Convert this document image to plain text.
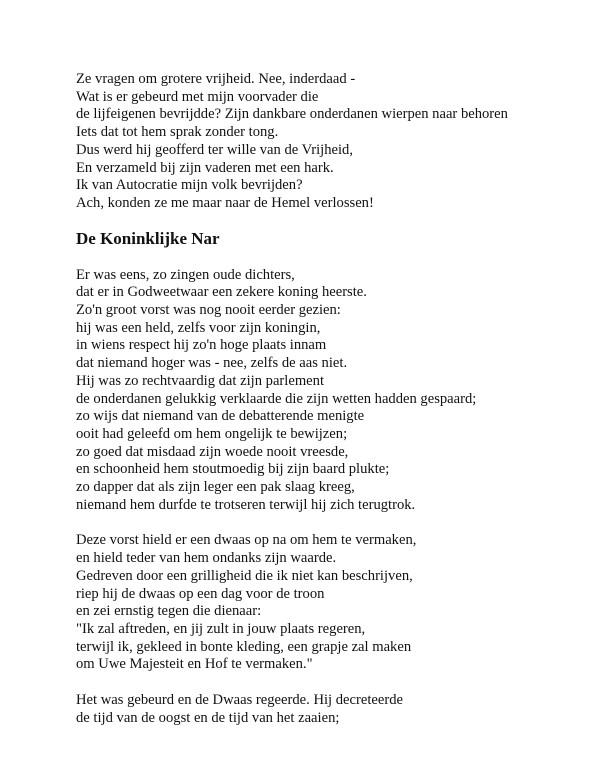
Ze vragen om grotere vrijheid. Nee, inderdaad -
Wat is er gebeurd met mijn voorvader die
de lijfeigenen bevrijdde? Zijn dankbare onderdanen wierpen naar behoren
Iets dat tot hem sprak zonder tong.
Dus werd hij geofferd ter wille van de Vrijheid,
En verzameld bij zijn vaderen met een hark.
Ik van Autocratie mijn volk bevrijden?
Ach, konden ze me maar naar de Hemel verlossen!
De Koninklijke Nar
Er was eens, zo zingen oude dichters,
dat er in Godweetwaar een zekere koning heerste.
Zo'n groot vorst was nog nooit eerder gezien:
hij was een held, zelfs voor zijn koningin,
in wiens respect hij zo'n hoge plaats innam
dat niemand hoger was - nee, zelfs de aas niet.
Hij was zo rechtvaardig dat zijn parlement
de onderdanen gelukkig verklaarde die zijn wetten hadden gespaard;
zo wijs dat niemand van de debatterende menigte
ooit had geleefd om hem ongelijk te bewijzen;
zo goed dat misdaad zijn woede nooit vreesde,
en schoonheid hem stoutmoedig bij zijn baard plukte;
zo dapper dat als zijn leger een pak slaag kreeg,
niemand hem durfde te trotseren terwijl hij zich terugtrok.
Deze vorst hield er een dwaas op na om hem te vermaken,
en hield teder van hem ondanks zijn waarde.
Gedreven door een grilligheid die ik niet kan beschrijven,
riep hij de dwaas op een dag voor de troon
en zei ernstig tegen die dienaar:
"Ik zal aftreden, en jij zult in jouw plaats regeren,
terwijl ik, gekleed in bonte kleding, een grapje zal maken
om Uwe Majesteit en Hof te vermaken."
Het was gebeurd en de Dwaas regeerde. Hij decreteerde
de tijd van de oogst en de tijd van het zaaien;
